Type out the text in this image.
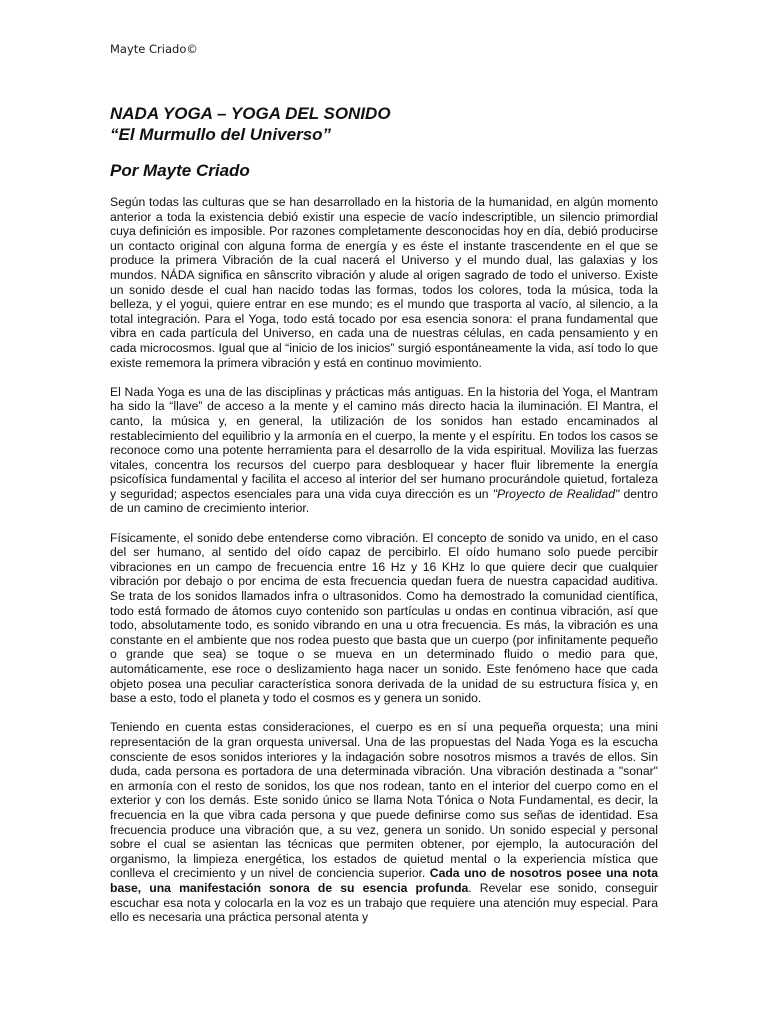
Mayte Criado©
NADA YOGA – YOGA DEL SONIDO
“El Murmullo del Universo”
Por Mayte Criado

Según todas las culturas que se han desarrollado en la historia de la humanidad, en algún momento anterior a toda la existencia debió existir una especie de vacío indescriptible, un silencio primordial cuya definición es imposible. Por razones completamente desconocidas hoy en día, debió producirse un contacto original con alguna forma de energía y es éste el instante trascendente en el que se produce la primera Vibración de la cual nacerá el Universo y el mundo dual, las galaxias y los mundos. NÁDA significa en sânscrito vibración y alude al origen sagrado de todo el universo. Existe un sonido desde el cual han nacido todas las formas, todos los colores, toda la música, toda la belleza, y el yogui, quiere entrar en ese mundo; es el mundo que trasporta al vacío, al silencio, a la total integración. Para el Yoga, todo está tocado por esa esencia sonora: el prana fundamental que vibra en cada partícula del Universo, en cada una de nuestras células, en cada pensamiento y en cada microcosmos. Igual que al “inicio de los inicios” surgió espontáneamente la vida, así todo lo que existe rememora la primera vibración y está en continuo movimiento.

El Nada Yoga es una de las disciplinas y prácticas más antiguas. En la historia del Yoga, el Mantram ha sido la “llave” de acceso a la mente y el camino más directo hacia la iluminación. El Mantra, el canto, la música y, en general, la utilización de los sonidos han estado encaminados al restablecimiento del equilibrio y la armonía en el cuerpo, la mente y el espíritu. En todos los casos se reconoce como una potente herramienta para el desarrollo de la vida espiritual. Moviliza las fuerzas vitales, concentra los recursos del cuerpo para desbloquear y hacer fluir libremente la energía psicofísica fundamental y facilita el acceso al interior del ser humano procurándole quietud, fortaleza y seguridad; aspectos esenciales para una vida cuya dirección es un "Proyecto de Realidad" dentro de un camino de crecimiento interior.

Físicamente, el sonido debe entenderse como vibración. El concepto de sonido va unido, en el caso del ser humano, al sentido del oído capaz de percibirlo. El oído humano solo puede percibir vibraciones en un campo de frecuencia entre 16 Hz y 16 KHz lo que quiere decir que cualquier vibración por debajo o por encima de esta frecuencia quedan fuera de nuestra capacidad auditiva. Se trata de los sonidos llamados infra o ultrasonidos. Como ha demostrado la comunidad científica, todo está formado de átomos cuyo contenido son partículas u ondas en continua vibración, así que todo, absolutamente todo, es sonido vibrando en una u otra frecuencia. Es más, la vibración es una constante en el ambiente que nos rodea puesto que basta que un cuerpo (por infinitamente pequeño o grande que sea) se toque o se mueva en un determinado fluido o medio para que, automáticamente, ese roce o deslizamiento haga nacer un sonido. Este fenómeno hace que cada objeto posea una peculiar característica sonora derivada de la unidad de su estructura física y, en base a esto, todo el planeta y todo el cosmos es y genera un sonido.

Teniendo en cuenta estas consideraciones, el cuerpo es en sí una pequeña orquesta; una mini representación de la gran orquesta universal. Una de las propuestas del Nada Yoga es la escucha consciente de esos sonidos interiores y la indagación sobre nosotros mismos a través de ellos. Sin duda, cada persona es portadora de una determinada vibración. Una vibración destinada a "sonar" en armonía con el resto de sonidos, los que nos rodean, tanto en el interior del cuerpo como en el exterior y con los demás. Este sonido único se llama Nota Tónica o Nota Fundamental, es decir, la frecuencia en la que vibra cada persona y que puede definirse como sus señas de identidad. Esa frecuencia produce una vibración que, a su vez, genera un sonido. Un sonido especial y personal sobre el cual se asientan las técnicas que permiten obtener, por ejemplo, la autocuración del organismo, la limpieza energética, los estados de quietud mental o la experiencia mística que conlleva el crecimiento y un nivel de conciencia superior. Cada uno de nosotros posee una nota base, una manifestación sonora de su esencia profunda. Revelar ese sonido, conseguir escuchar esa nota y colocarla en la voz es un trabajo que requiere una atención muy especial. Para ello es necesaria una práctica personal atenta y
